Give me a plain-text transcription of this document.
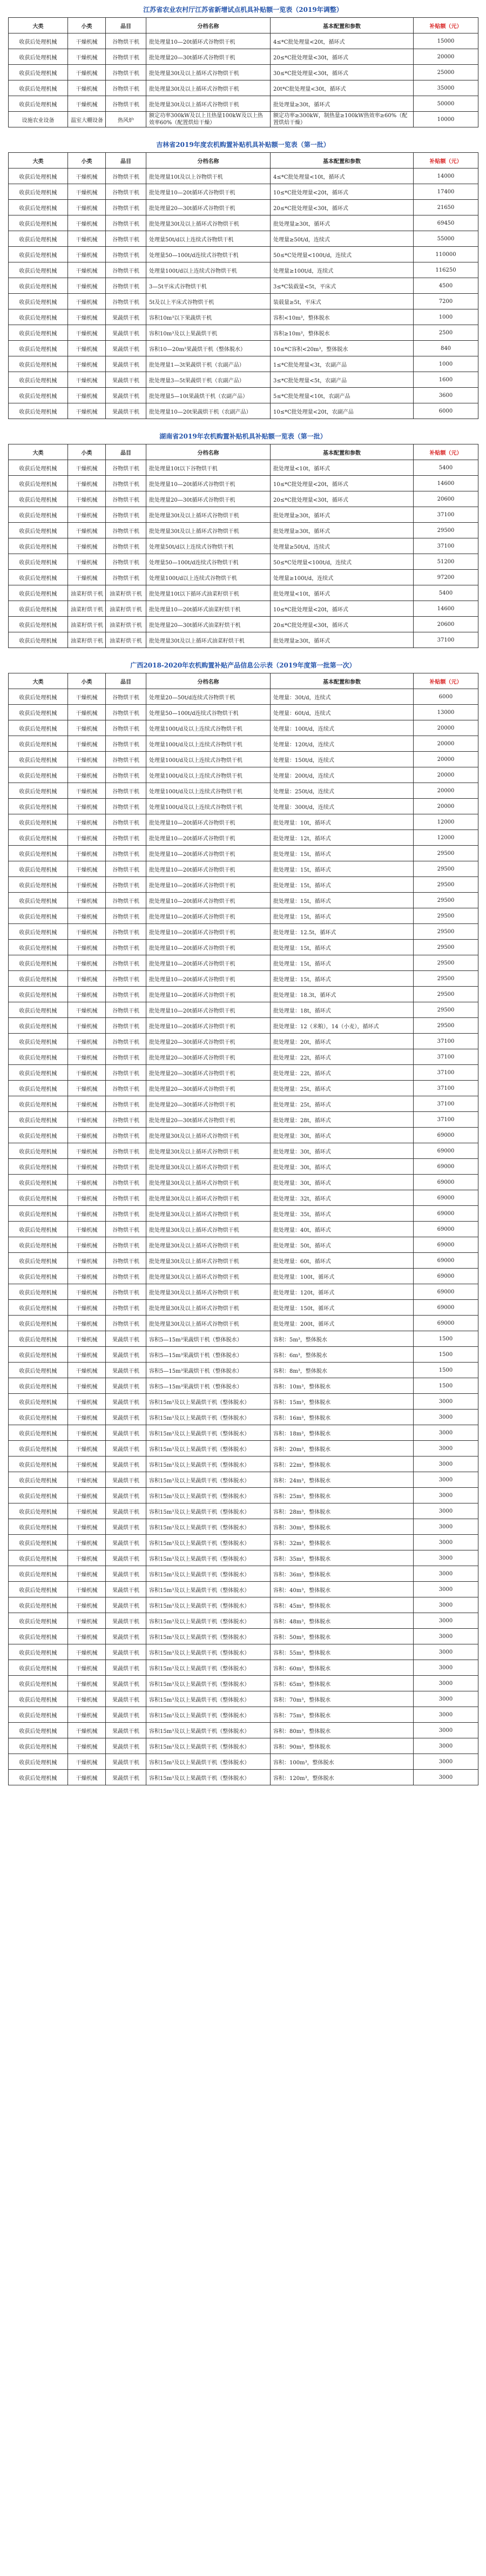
江苏省农业农村厅江苏省新增试点机具补贴额一览表（2019年调整）
大类	小类	品目	分档名称	基本配置和参数	补贴额（元）
收获后处理机械	干燥机械	谷物烘干机	批处理量10—20t循环式谷物烘干机	4≤*C批处理量<20t，循环式	15000
收获后处理机械	干燥机械	谷物烘干机	批处理量20—30t循环式谷物烘干机	20≤*C批处理量<30t，循环式	20000
收获后处理机械	干燥机械	谷物烘干机	批处理量30t及以上循环式谷物烘干机	30≤*C批处理量<30t，循环式	25000
收获后处理机械	干燥机械	谷物烘干机	批处理量30t及以上循环式谷物烘干机	20t*C批处理量<30t，循环式	35000
收获后处理机械	干燥机械	谷物烘干机	批处理量30t及以上循环式谷物烘干机	批处理量≥30t，循环式	50000
设施农业设备	温室大棚设备	热风炉	额定功率300kW及以上且热量100kW及以上热效率60%（配置烘焙干燥）	额定功率≥300kW，制热量≥100kW热效率≥60%（配置烘焙干燥）	10000
吉林省2019年度农机购置补贴机具补贴额一览表（第一批）
大类	小类	品目	分档名称	基本配置和参数	补贴额（元）
收获后处理机械	干燥机械	谷物烘干机	批处理量10t及以上谷物烘干机	4≤*C批处理量<10t，循环式	14000
收获后处理机械	干燥机械	谷物烘干机	批处理量10—20t循环式谷物烘干机	10≤*C批处理量<20t，循环式	17400
收获后处理机械	干燥机械	谷物烘干机	批处理量20—30t循环式谷物烘干机	20≤*C批处理量<30t，循环式	21650
收获后处理机械	干燥机械	谷物烘干机	批处理量30t及以上循环式谷物烘干机	批处理量≥30t，循环式	69450
收获后处理机械	干燥机械	谷物烘干机	处理量50t/d以上连续式谷物烘干机	处理量≥50t/d，连续式	55000
收获后处理机械	干燥机械	谷物烘干机	处理量50—100t/d连续式谷物烘干机	50≤*C处理量<100t/d，连续式	110000
收获后处理机械	干燥机械	谷物烘干机	处理量100t/d以上连续式谷物烘干机	处理量≥100t/d，连续式	116250
收获后处理机械	干燥机械	谷物烘干机	3—5t平床式谷物烘干机	3≤*C装载量<5t，平床式	4500
收获后处理机械	干燥机械	谷物烘干机	5t及以上平床式谷物烘干机	装载量≥5t，平床式	7200
收获后处理机械	干燥机械	果蔬烘干机	容积10m³以下果蔬烘干机	容积<10m³，整体脱水	1000
收获后处理机械	干燥机械	果蔬烘干机	容积10m³及以上果蔬烘干机	容积≥10m³，整体脱水	2500
收获后处理机械	干燥机械	果蔬烘干机	容积10—20m³果蔬烘干机（整体脱水）	10≤*C容积<20m³，整体脱水	840
收获后处理机械	干燥机械	果蔬烘干机	批处理量1—3t果蔬烘干机（农副产品）	1≤*C批处理量<3t，农副产品	1000
收获后处理机械	干燥机械	果蔬烘干机	批处理量3—5t果蔬烘干机（农副产品）	3≤*C批处理量<5t，农副产品	1600
收获后处理机械	干燥机械	果蔬烘干机	批处理量5—10t果蔬烘干机（农副产品）	5≤*C批处理量<10t，农副产品	3600
收获后处理机械	干燥机械	果蔬烘干机	批处理量10—20t果蔬烘干机（农副产品）	10≤*C批处理量<20t，农副产品	6000
湖南省2019年农机购置补贴机具补贴额一览表（第一批）
大类	小类	品目	分档名称	基本配置和参数	补贴额（元）
收获后处理机械	干燥机械	谷物烘干机	批处理量10t以下谷物烘干机	批处理量<10t，循环式	5400
收获后处理机械	干燥机械	谷物烘干机	批处理量10—20t循环式谷物烘干机	10≤*C批处理量<20t，循环式	14600
收获后处理机械	干燥机械	谷物烘干机	批处理量20—30t循环式谷物烘干机	20≤*C批处理量<30t，循环式	20600
收获后处理机械	干燥机械	谷物烘干机	批处理量30t及以上循环式谷物烘干机	批处理量≥30t，循环式	37100
收获后处理机械	干燥机械	谷物烘干机	批处理量30t及以上循环式谷物烘干机	批处理量≥30t，循环式	29500
收获后处理机械	干燥机械	谷物烘干机	处理量50t/d以上连续式谷物烘干机	处理量≥50t/d，连续式	37100
收获后处理机械	干燥机械	谷物烘干机	处理量50—100t/d连续式谷物烘干机	50≤*C处理量<100t/d，连续式	51200
收获后处理机械	干燥机械	谷物烘干机	处理量100t/d以上连续式谷物烘干机	处理量≥100t/d，连续式	97200
收获后处理机械	油菜籽烘干机	油菜籽烘干机	批处理量10t以下循环式油菜籽烘干机	批处理量<10t，循环式	5400
收获后处理机械	油菜籽烘干机	油菜籽烘干机	批处理量10—20t循环式油菜籽烘干机	10≤*C批处理量<20t，循环式	14600
收获后处理机械	油菜籽烘干机	油菜籽烘干机	批处理量20—30t循环式油菜籽烘干机	20≤*C批处理量<30t，循环式	20600
收获后处理机械	油菜籽烘干机	油菜籽烘干机	批处理量30t及以上循环式油菜籽烘干机	批处理量≥30t，循环式	37100
广西2018-2020年农机购置补贴产品信息公示表（2019年度第一批第一次）
大类	小类	品目	分档名称	基本配置和参数	补贴额（元）
收获后处理机械	干燥机械	谷物烘干机	处理量20—50t/d连续式谷物烘干机	处理量：30t/d，连续式	6000
收获后处理机械	干燥机械	谷物烘干机	处理量50—100t/d连续式谷物烘干机	处理量：60t/d，连续式	13000
收获后处理机械	干燥机械	谷物烘干机	处理量100t/d及以上连续式谷物烘干机	处理量：100t/d，连续式	20000
收获后处理机械	干燥机械	谷物烘干机	处理量100t/d及以上连续式谷物烘干机	处理量：120t/d，连续式	20000
收获后处理机械	干燥机械	谷物烘干机	处理量100t/d及以上连续式谷物烘干机	处理量：150t/d，连续式	20000
收获后处理机械	干燥机械	谷物烘干机	处理量100t/d及以上连续式谷物烘干机	处理量：200t/d，连续式	20000
收获后处理机械	干燥机械	谷物烘干机	处理量100t/d及以上连续式谷物烘干机	处理量：250t/d，连续式	20000
收获后处理机械	干燥机械	谷物烘干机	处理量100t/d及以上连续式谷物烘干机	处理量：300t/d，连续式	20000
收获后处理机械	干燥机械	谷物烘干机	批处理量10—20t循环式谷物烘干机	批处理量：10t，循环式	12000
收获后处理机械	干燥机械	谷物烘干机	批处理量10—20t循环式谷物烘干机	批处理量：12t，循环式	12000
收获后处理机械	干燥机械	谷物烘干机	批处理量10—20t循环式谷物烘干机	批处理量：15t，循环式	29500
收获后处理机械	干燥机械	谷物烘干机	批处理量10—20t循环式谷物烘干机	批处理量：15t，循环式	29500
收获后处理机械	干燥机械	谷物烘干机	批处理量10—20t循环式谷物烘干机	批处理量：15t，循环式	29500
收获后处理机械	干燥机械	谷物烘干机	批处理量10—20t循环式谷物烘干机	批处理量：15t，循环式	29500
收获后处理机械	干燥机械	谷物烘干机	批处理量10—20t循环式谷物烘干机	批处理量：15t，循环式	29500
收获后处理机械	干燥机械	谷物烘干机	批处理量10—20t循环式谷物烘干机	批处理量：12.5t，循环式	29500
收获后处理机械	干燥机械	谷物烘干机	批处理量10—20t循环式谷物烘干机	批处理量：15t，循环式	29500
收获后处理机械	干燥机械	谷物烘干机	批处理量10—20t循环式谷物烘干机	批处理量：15t，循环式	29500
收获后处理机械	干燥机械	谷物烘干机	批处理量10—20t循环式谷物烘干机	批处理量：15t，循环式	29500
收获后处理机械	干燥机械	谷物烘干机	批处理量10—20t循环式谷物烘干机	批处理量：18.3t，循环式	29500
收获后处理机械	干燥机械	谷物烘干机	批处理量10—20t循环式谷物烘干机	批处理量：18t，循环式	29500
收获后处理机械	干燥机械	谷物烘干机	批处理量10—20t循环式谷物烘干机	批处理量：12（米粮），14（小麦），循环式	29500
收获后处理机械	干燥机械	谷物烘干机	批处理量20—30t循环式谷物烘干机	批处理量：20t，循环式	37100
收获后处理机械	干燥机械	谷物烘干机	批处理量20—30t循环式谷物烘干机	批处理量：22t，循环式	37100
收获后处理机械	干燥机械	谷物烘干机	批处理量20—30t循环式谷物烘干机	批处理量：22t，循环式	37100
收获后处理机械	干燥机械	谷物烘干机	批处理量20—30t循环式谷物烘干机	批处理量：25t，循环式	37100
收获后处理机械	干燥机械	谷物烘干机	批处理量20—30t循环式谷物烘干机	批处理量：25t，循环式	37100
收获后处理机械	干燥机械	谷物烘干机	批处理量20—30t循环式谷物烘干机	批处理量：28t，循环式	37100
收获后处理机械	干燥机械	谷物烘干机	批处理量30t及以上循环式谷物烘干机	批处理量：30t，循环式	69000
收获后处理机械	干燥机械	谷物烘干机	批处理量30t及以上循环式谷物烘干机	批处理量：30t，循环式	69000
收获后处理机械	干燥机械	谷物烘干机	批处理量30t及以上循环式谷物烘干机	批处理量：30t，循环式	69000
收获后处理机械	干燥机械	谷物烘干机	批处理量30t及以上循环式谷物烘干机	批处理量：30t，循环式	69000
收获后处理机械	干燥机械	谷物烘干机	批处理量30t及以上循环式谷物烘干机	批处理量：32t，循环式	69000
收获后处理机械	干燥机械	谷物烘干机	批处理量30t及以上循环式谷物烘干机	批处理量：35t，循环式	69000
收获后处理机械	干燥机械	谷物烘干机	批处理量30t及以上循环式谷物烘干机	批处理量：40t，循环式	69000
收获后处理机械	干燥机械	谷物烘干机	批处理量30t及以上循环式谷物烘干机	批处理量：50t，循环式	69000
收获后处理机械	干燥机械	谷物烘干机	批处理量30t及以上循环式谷物烘干机	批处理量：60t，循环式	69000
收获后处理机械	干燥机械	谷物烘干机	批处理量30t及以上循环式谷物烘干机	批处理量：100t，循环式	69000
收获后处理机械	干燥机械	谷物烘干机	批处理量30t及以上循环式谷物烘干机	批处理量：120t，循环式	69000
收获后处理机械	干燥机械	谷物烘干机	批处理量30t及以上循环式谷物烘干机	批处理量：150t，循环式	69000
收获后处理机械	干燥机械	谷物烘干机	批处理量30t及以上循环式谷物烘干机	批处理量：200t，循环式	69000
收获后处理机械	干燥机械	果蔬烘干机	容积5—15m³果蔬烘干机（整体脱水）	容积：5m³，整体脱水	1500
收获后处理机械	干燥机械	果蔬烘干机	容积5—15m³果蔬烘干机（整体脱水）	容积：6m³，整体脱水	1500
收获后处理机械	干燥机械	果蔬烘干机	容积5—15m³果蔬烘干机（整体脱水）	容积：8m³，整体脱水	1500
收获后处理机械	干燥机械	果蔬烘干机	容积5—15m³果蔬烘干机（整体脱水）	容积：10m³，整体脱水	1500
收获后处理机械	干燥机械	果蔬烘干机	容积15m³及以上果蔬烘干机（整体脱水）	容积：15m³，整体脱水	3000
收获后处理机械	干燥机械	果蔬烘干机	容积15m³及以上果蔬烘干机（整体脱水）	容积：16m³，整体脱水	3000
收获后处理机械	干燥机械	果蔬烘干机	容积15m³及以上果蔬烘干机（整体脱水）	容积：18m³，整体脱水	3000
收获后处理机械	干燥机械	果蔬烘干机	容积15m³及以上果蔬烘干机（整体脱水）	容积：20m³，整体脱水	3000
收获后处理机械	干燥机械	果蔬烘干机	容积15m³及以上果蔬烘干机（整体脱水）	容积：22m³，整体脱水	3000
收获后处理机械	干燥机械	果蔬烘干机	容积15m³及以上果蔬烘干机（整体脱水）	容积：24m³，整体脱水	3000
收获后处理机械	干燥机械	果蔬烘干机	容积15m³及以上果蔬烘干机（整体脱水）	容积：25m³，整体脱水	3000
收获后处理机械	干燥机械	果蔬烘干机	容积15m³及以上果蔬烘干机（整体脱水）	容积：28m³，整体脱水	3000
收获后处理机械	干燥机械	果蔬烘干机	容积15m³及以上果蔬烘干机（整体脱水）	容积：30m³，整体脱水	3000
收获后处理机械	干燥机械	果蔬烘干机	容积15m³及以上果蔬烘干机（整体脱水）	容积：32m³，整体脱水	3000
收获后处理机械	干燥机械	果蔬烘干机	容积15m³及以上果蔬烘干机（整体脱水）	容积：35m³，整体脱水	3000
收获后处理机械	干燥机械	果蔬烘干机	容积15m³及以上果蔬烘干机（整体脱水）	容积：36m³，整体脱水	3000
收获后处理机械	干燥机械	果蔬烘干机	容积15m³及以上果蔬烘干机（整体脱水）	容积：40m³，整体脱水	3000
收获后处理机械	干燥机械	果蔬烘干机	容积15m³及以上果蔬烘干机（整体脱水）	容积：45m³，整体脱水	3000
收获后处理机械	干燥机械	果蔬烘干机	容积15m³及以上果蔬烘干机（整体脱水）	容积：48m³，整体脱水	3000
收获后处理机械	干燥机械	果蔬烘干机	容积15m³及以上果蔬烘干机（整体脱水）	容积：50m³，整体脱水	3000
收获后处理机械	干燥机械	果蔬烘干机	容积15m³及以上果蔬烘干机（整体脱水）	容积：55m³，整体脱水	3000
收获后处理机械	干燥机械	果蔬烘干机	容积15m³及以上果蔬烘干机（整体脱水）	容积：60m³，整体脱水	3000
收获后处理机械	干燥机械	果蔬烘干机	容积15m³及以上果蔬烘干机（整体脱水）	容积：65m³，整体脱水	3000
收获后处理机械	干燥机械	果蔬烘干机	容积15m³及以上果蔬烘干机（整体脱水）	容积：70m³，整体脱水	3000
收获后处理机械	干燥机械	果蔬烘干机	容积15m³及以上果蔬烘干机（整体脱水）	容积：75m³，整体脱水	3000
收获后处理机械	干燥机械	果蔬烘干机	容积15m³及以上果蔬烘干机（整体脱水）	容积：80m³，整体脱水	3000
收获后处理机械	干燥机械	果蔬烘干机	容积15m³及以上果蔬烘干机（整体脱水）	容积：90m³，整体脱水	3000
收获后处理机械	干燥机械	果蔬烘干机	容积15m³及以上果蔬烘干机（整体脱水）	容积：100m³，整体脱水	3000
收获后处理机械	干燥机械	果蔬烘干机	容积15m³及以上果蔬烘干机（整体脱水）	容积：120m³，整体脱水	3000
